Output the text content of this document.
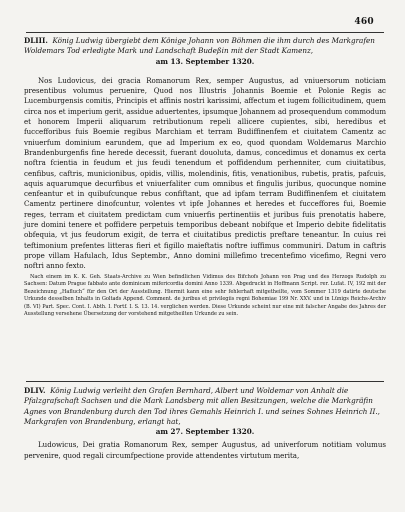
460

DLIII. König Ludwig übergiebt dem Könige Johann von Böhmen die ihm durch des Markgrafen Woldemars Tod erledigte Mark und Landschaft Budeßin mit der Stadt Kamenz,
am 13. September 1320.

Nos Ludovicus, dei gracia Romanorum Rex, semper Augustus, ad vniuersorum noticiam presentibus volumus peruenire, Quod nos Illustris Johannis Boemie et Polonie Regis ac Lucemburgensis comitis, Principis et affinis nostri karissimi, affectum et iugem follicitudinem, quem circa nos et imperium gerit, assidue aduertentes, ipsumque Johannem ad prosequendum commodum et honorem Imperii aliquarum retributionum repeli allicere cupientes, sibi, heredibus et fuccefforibus fuis Boemie regibus Marchiam et terram Budiffinenfem et ciuitatem Camentz ac vniuerfum dominium earundem, que ad Imperium ex eo, quod quondam Woldemarus Marchio Brandenburgenfis fine herede decessit, fuerant douoluta, damus, concedimus et donamus ex certa noftra fcientia in feudum et jus feudi tenendum et poffidendum perhenniter, cum ciuitatibus, cenfibus, caftris, municionibus, opidis, villis, molendinis, fitis, venationibus, rubetis, pratis, pafcuis, aquis aquarumque decurfibus et vniuerfaliter cum omnibus et fingulis juribus, quocunque nomine cenfeantur et in quibufcunque rebus confiftant, que ad ipfam terram Budiffinenfem et ciuitatem Camentz pertinere dinofcuntur, volentes vt ipfe Johannes et heredes et fucceffores fui, Boemie reges, terram et ciuitatem predictam cum vniuerfis pertinentiis et juribus fuis prenotatis habere, jure domini tenere et poffidere perpetuis temporibus debeant nobifque et Imperio debite fidelitatis obfequia, vt jus feudorum exigit, de terra et ciuitatibus predictis preftare teneantur. In cuius rei teftimonium prefentes litteras fieri et figillo maieftatis noftre iuffimus communiri. Datum in caftris prope villam Hafulach, Idus Septembr., Anno domini millefimo trecentefimo vicefimo, Regni vero noftri anno fexto.

Nach einem im K. K. Geh. Staats-Archive zu Wien befindlichen Vidimus des Bifchofs Johann von Prag und des Herzogs Rudolph zu Sachsen: Datum Prague fabbato ante dominicam mifericordia domini Anno 1339. Abgedruckt in Hoffmann Script. rer. Lufat. IV, 192 mit der Bezeichnung „Hafluch“ für den Ort der Ausstellung. Hiermit kann eine sehr fehlerhaft mitgetheilte, vom Sommer 1319 datirte deutsche Urkunde desselben Inhalts in Goltads Append. Comment. de juribus et privilegiis regni Bohemiae 199 Nr. XXV. und in Lünigs Reichs-Archiv (B. VI) Part. Spec. Cont. I. Abth. I. Fortf. I. S. 13. 14. verglichen werden. Diese Urkunde scheint nur eine mit falscher Angabe des Jahres der Ausstellung versehene Übersetzung der vorstehend mitgetheilten Urkunde zu sein.

DLIV. König Ludwig verleiht den Grafen Bernhard, Albert und Woldemar von Anhalt die Pfalzgrafschaft Sachsen und die Mark Landsberg mit allen Besitzungen, welche die Markgräfin Agnes von Brandenburg durch den Tod ihres Gemahls Heinrich I. und seines Sohnes Heinrich II., Markgrafen von Brandenburg, erlangt hat,
am 27. September 1320.

Ludowicus, Dei gratia Romanorum Rex, semper Augustus, ad univerforum notitiam volumus pervenire, quod regali circumfpectione provide attendentes virtutum merita,
